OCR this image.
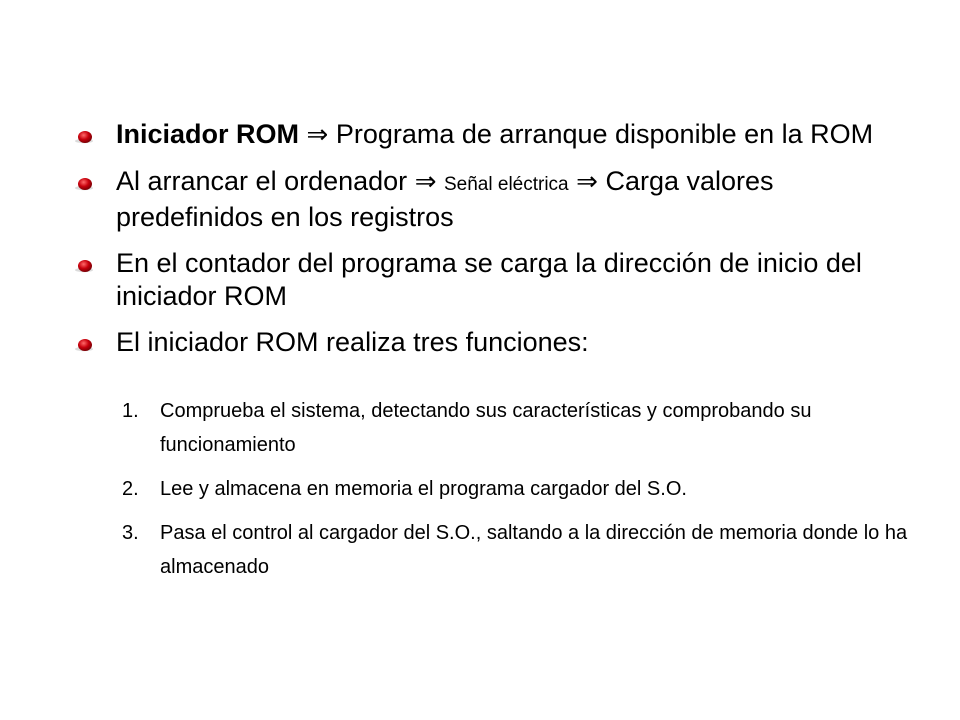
Iniciador ROM ⇒ Programa de arranque disponible en la ROM
Al arrancar el ordenador ⇒ Señal eléctrica ⇒ Carga valores predefinidos en los registros
En el contador del programa se carga la dirección de inicio del iniciador ROM
El iniciador ROM realiza tres funciones:
1. Comprueba el sistema, detectando sus características y comprobando su funcionamiento
2. Lee y almacena en memoria el programa cargador del S.O.
3. Pasa el control al cargador del S.O., saltando a la dirección de memoria donde lo ha almacenado
